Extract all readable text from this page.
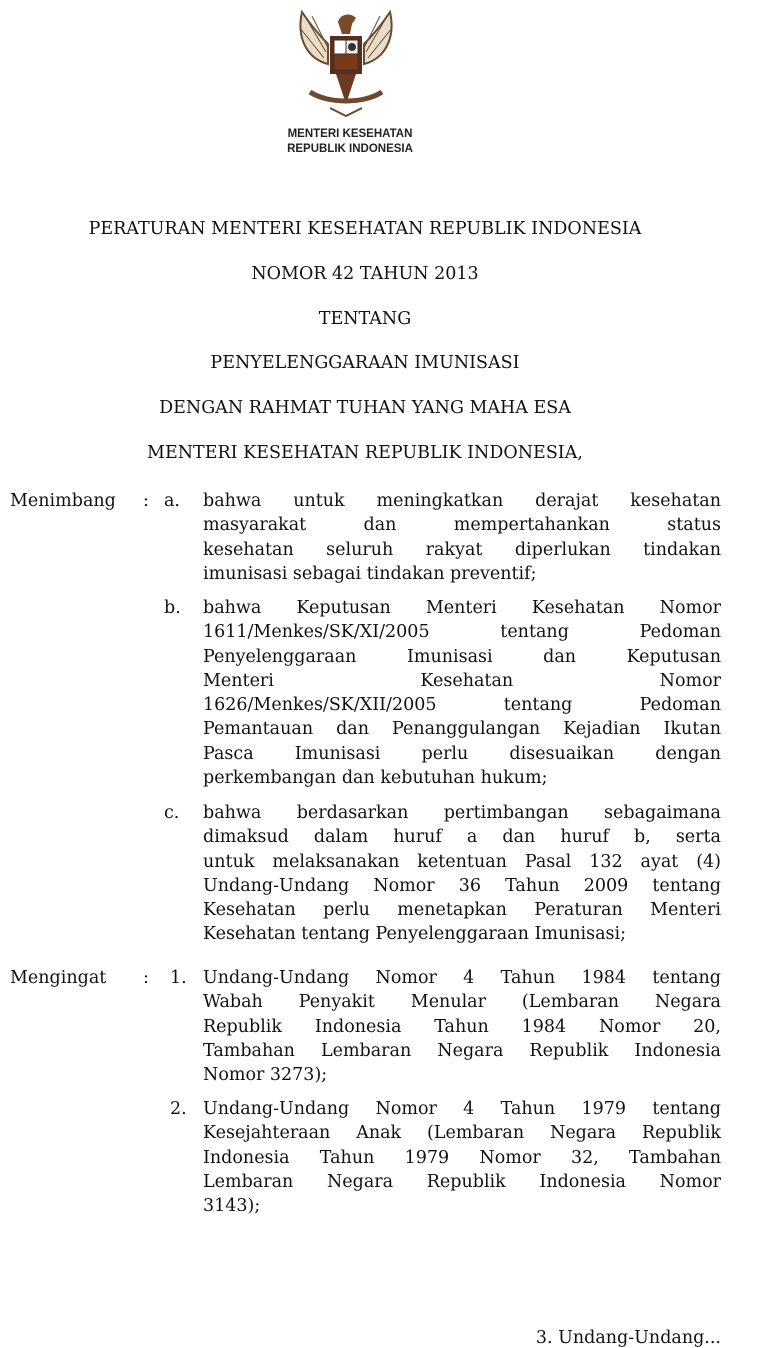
MENTERI KESEHATAN
REPUBLIK INDONESIA
PERATURAN MENTERI KESEHATAN REPUBLIK INDONESIA
NOMOR 42 TAHUN 2013
TENTANG
PENYELENGGARAAN IMUNISASI
DENGAN RAHMAT TUHAN YANG MAHA ESA
MENTERI KESEHATAN REPUBLIK INDONESIA,
Menimbang : a. bahwa untuk meningkatkan derajat kesehatan
masyarakat dan mempertahankan status
kesehatan seluruh rakyat diperlukan tindakan
imunisasi sebagai tindakan preventif;
b. bahwa Keputusan Menteri Kesehatan Nomor
1611/Menkes/SK/XI/2005 tentang Pedoman
Penyelenggaraan Imunisasi dan Keputusan
Menteri Kesehatan Nomor
1626/Menkes/SK/XII/2005 tentang Pedoman
Pemantauan dan Penanggulangan Kejadian Ikutan
Pasca Imunisasi perlu disesuaikan dengan
perkembangan dan kebutuhan hukum;
c. bahwa berdasarkan pertimbangan sebagaimana
dimaksud dalam huruf a dan huruf b, serta
untuk melaksanakan ketentuan Pasal 132 ayat (4)
Undang-Undang Nomor 36 Tahun 2009 tentang
Kesehatan perlu menetapkan Peraturan Menteri
Kesehatan tentang Penyelenggaraan Imunisasi;
Mengingat : 1. Undang-Undang Nomor 4 Tahun 1984 tentang
Wabah Penyakit Menular (Lembaran Negara
Republik Indonesia Tahun 1984 Nomor 20,
Tambahan Lembaran Negara Republik Indonesia
Nomor 3273);
2. Undang-Undang Nomor 4 Tahun 1979 tentang
Kesejahteraan Anak (Lembaran Negara Republik
Indonesia Tahun 1979 Nomor 32, Tambahan
Lembaran Negara Republik Indonesia Nomor
3143);
3. Undang-Undang...
